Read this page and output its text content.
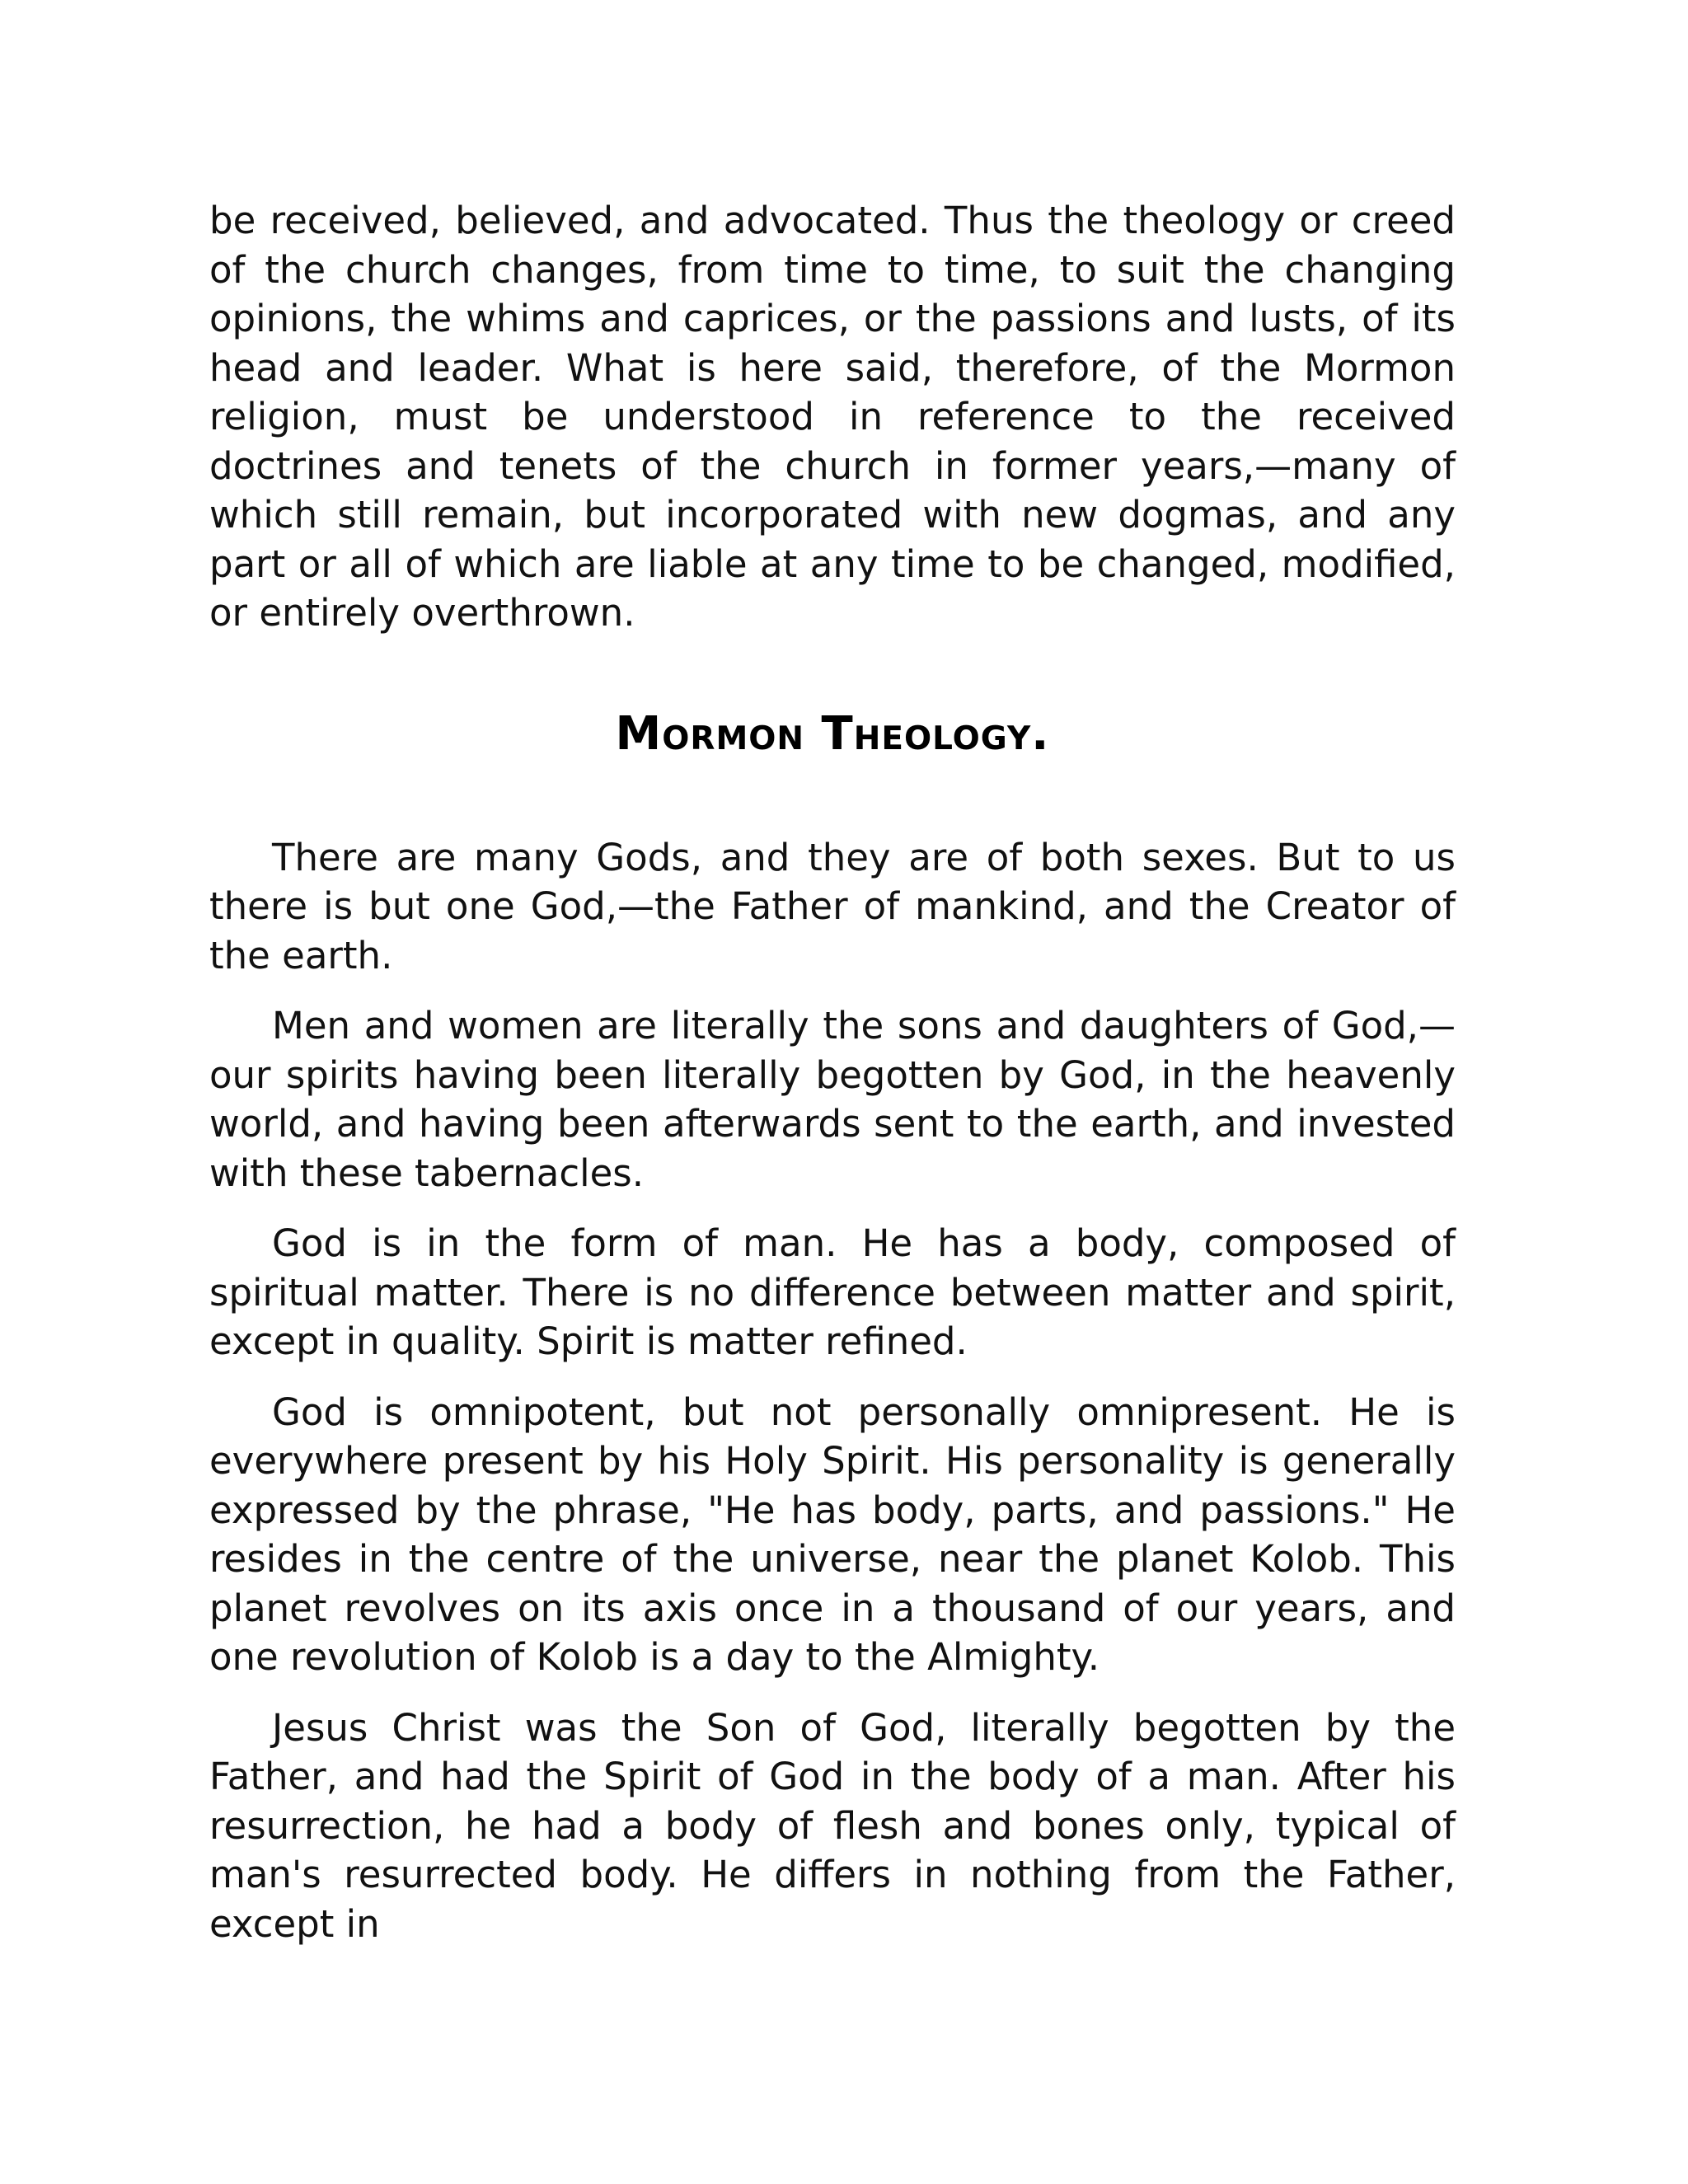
be received, believed, and advocated. Thus the theology or creed of the church changes, from time to time, to suit the changing opinions, the whims and caprices, or the passions and lusts, of its head and leader. What is here said, therefore, of the Mormon religion, must be understood in reference to the received doctrines and tenets of the church in former years,—many of which still remain, but incorporated with new dogmas, and any part or all of which are liable at any time to be changed, modified, or entirely overthrown.

Mormon Theology.

There are many Gods, and they are of both sexes. But to us there is but one God,—the Father of mankind, and the Creator of the earth.

Men and women are literally the sons and daughters of God,—our spirits having been literally begotten by God, in the heavenly world, and having been afterwards sent to the earth, and invested with these tabernacles.

God is in the form of man. He has a body, composed of spiritual matter. There is no difference between matter and spirit, except in quality. Spirit is matter refined.

God is omnipotent, but not personally omnipresent. He is everywhere present by his Holy Spirit. His personality is generally expressed by the phrase, "He has body, parts, and passions." He resides in the centre of the universe, near the planet Kolob. This planet revolves on its axis once in a thousand of our years, and one revolution of Kolob is a day to the Almighty.

Jesus Christ was the Son of God, literally begotten by the Father, and had the Spirit of God in the body of a man. After his resurrection, he had a body of flesh and bones only, typical of man's resurrected body. He differs in nothing from the Father, except in
